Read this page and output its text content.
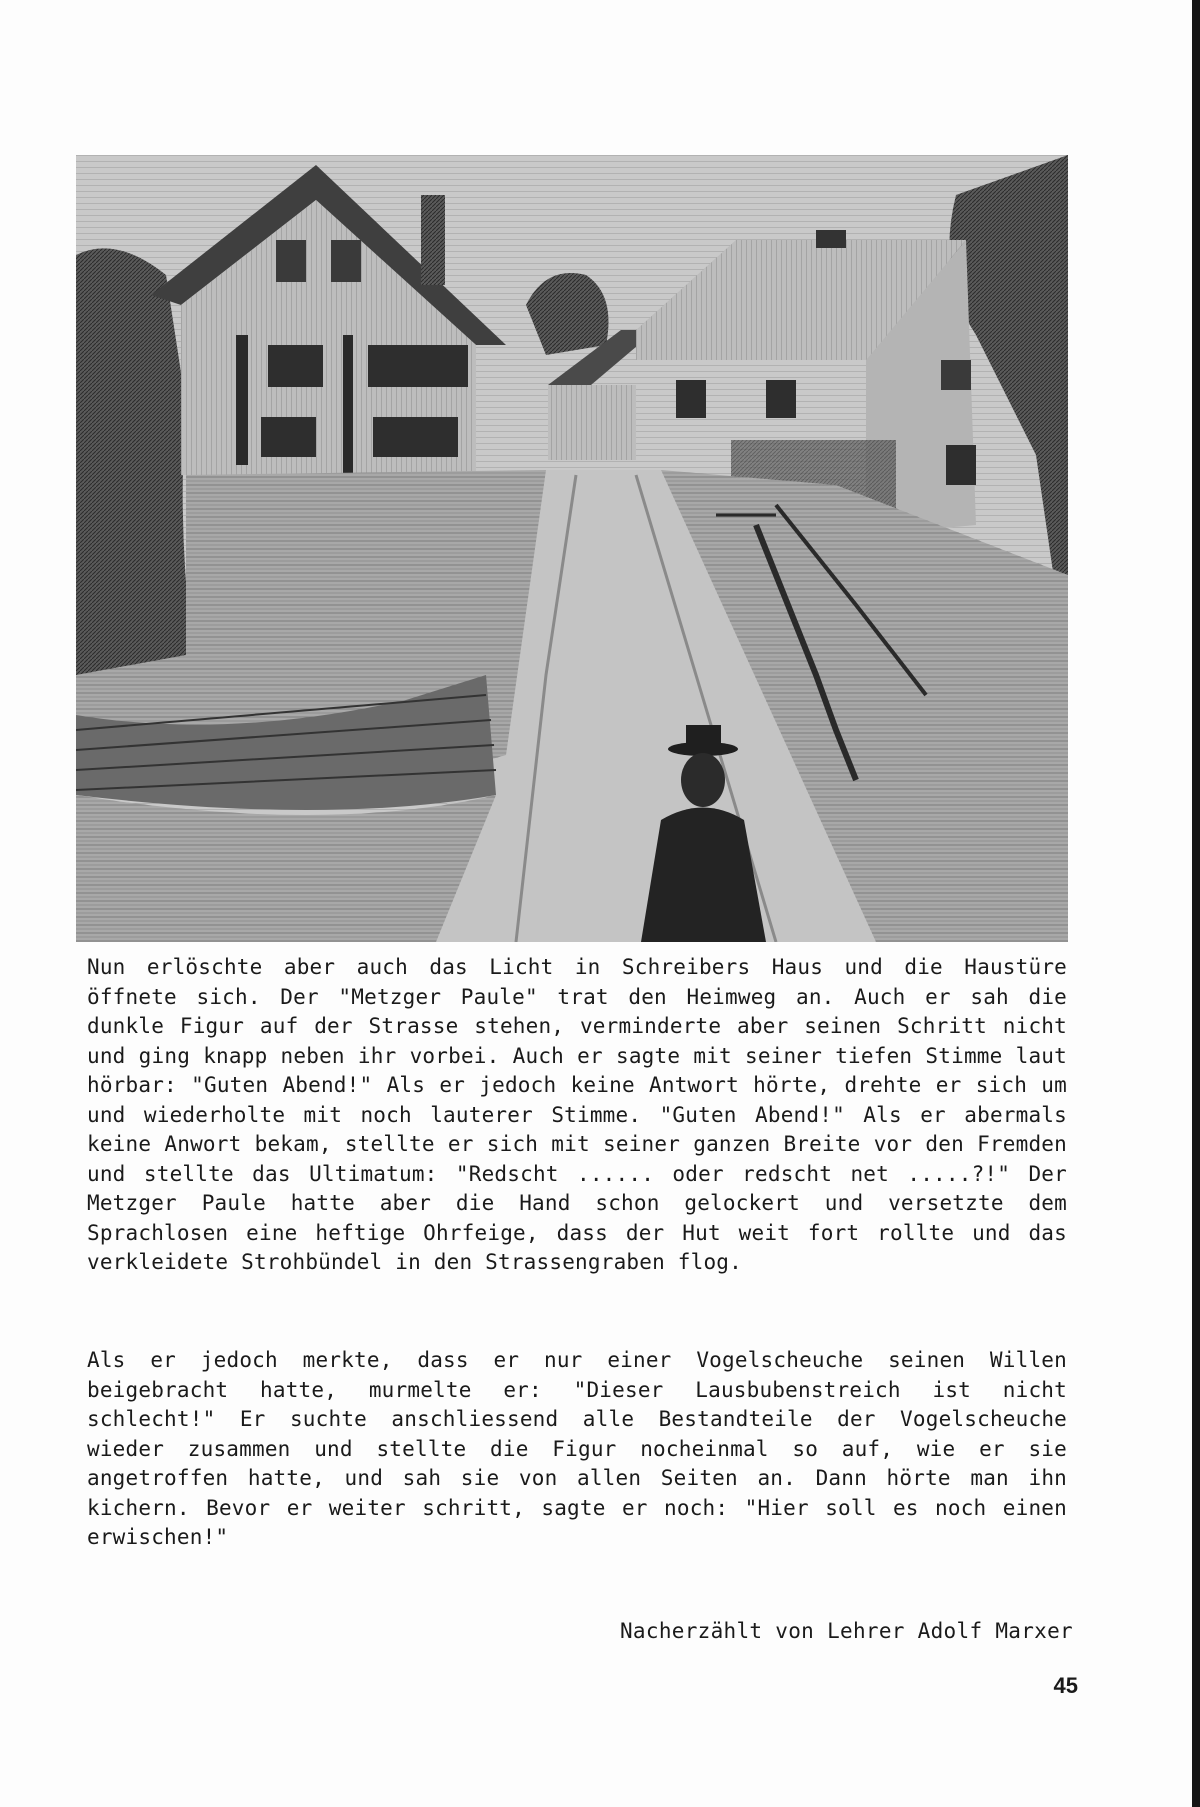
Nun erlöschte aber auch das Licht in Schreibers Haus und die Haustüre öffnete sich. Der "Metzger Paule" trat den Heimweg an. Auch er sah die dunkle Figur auf der Strasse stehen, verminderte aber seinen Schritt nicht und ging knapp neben ihr vorbei. Auch er sagte mit seiner tiefen Stimme laut hörbar: "Guten Abend!" Als er jedoch keine Antwort hörte, drehte er sich um und wiederholte mit noch lauterer Stimme. "Guten Abend!" Als er abermals keine Anwort bekam, stellte er sich mit seiner ganzen Breite vor den Fremden und stellte das Ultimatum: "Redscht ...... oder redscht net .....?!" Der Metzger Paule hatte aber die Hand schon gelockert und versetzte dem Sprachlosen eine heftige Ohrfeige, dass der Hut weit fort rollte und das verkleidete Strohbündel in den Strassengraben flog.

Als er jedoch merkte, dass er nur einer Vogelscheuche seinen Willen beigebracht hatte, murmelte er: "Dieser Lausbubenstreich ist nicht schlecht!" Er suchte anschliessend alle Bestandteile der Vogelscheuche wieder zusammen und stellte die Figur nocheinmal so auf, wie er sie angetroffen hatte, und sah sie von allen Seiten an. Dann hörte man ihn kichern. Bevor er weiter schritt, sagte er noch: "Hier soll es noch einen erwischen!"

Nacherzählt von Lehrer Adolf Marxer
45
